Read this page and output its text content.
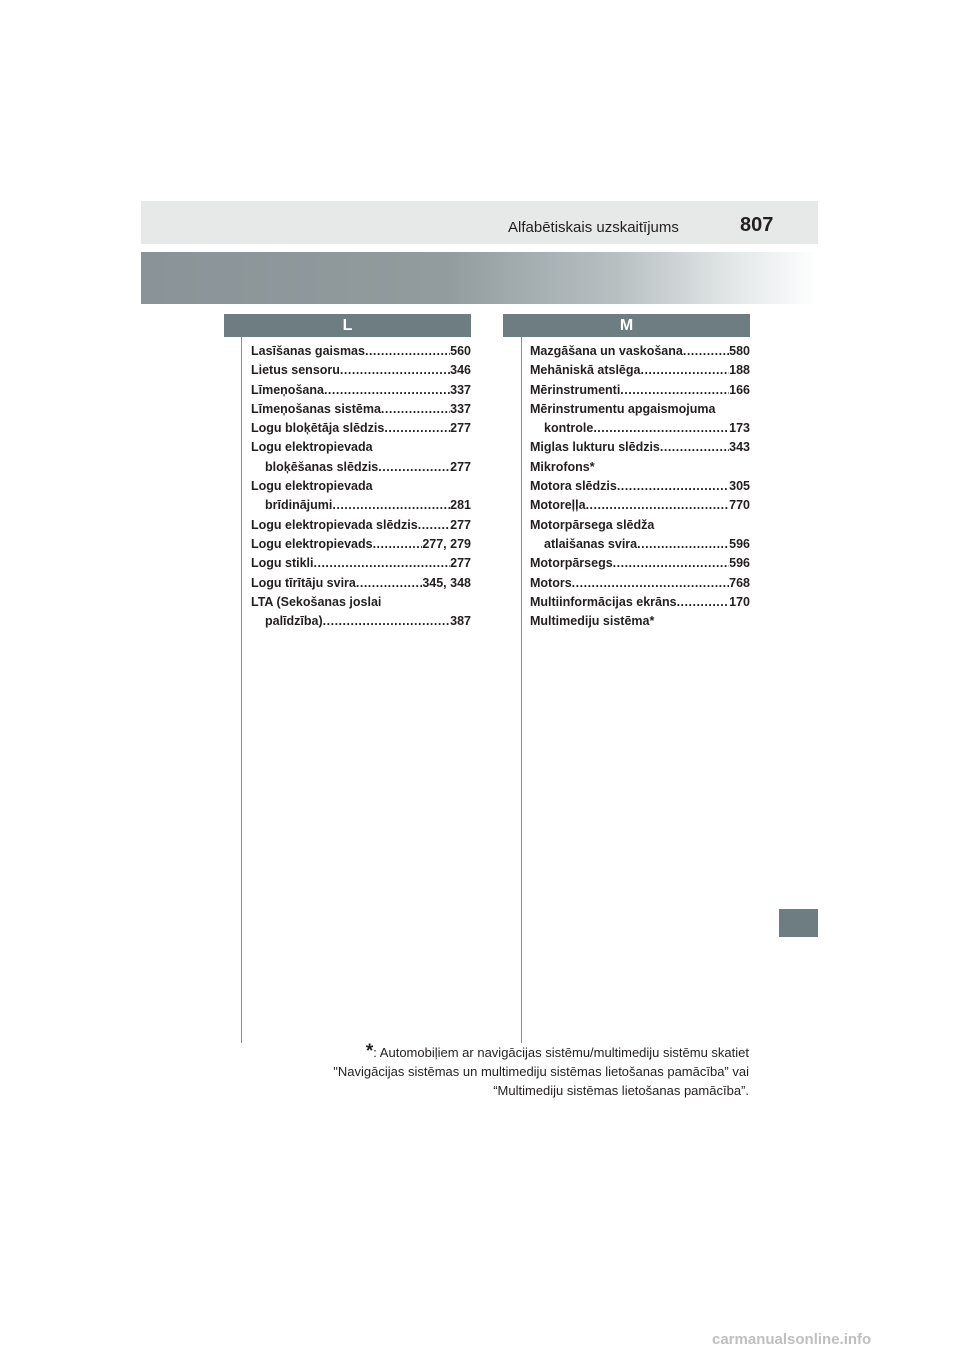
Alfabētiskais uzskaitījums	807
L	M
Lasīšanas gaismas .....	560
Lietus sensoru .....	346
Līmeņošana .....	337
Līmeņošanas sistēma .....	337
Logu bloķētāja slēdzis .....	277
Logu elektropievada
bloķēšanas slēdzis .....	277
Logu elektropievada
brīdinājumi .....	281
Logu elektropievada slēdzis .....	277
Logu elektropievads .....	277, 279
Logu stikli .....	277
Logu tīrītāju svira .....	345, 348
LTA (Sekošanas joslai
palīdzība) .....	387
Mazgāšana un vaskošana .....	580
Mehāniskā atslēga .....	188
Mērinstrumenti .....	166
Mērinstrumentu apgaismojuma
kontrole .....	173
Miglas lukturu slēdzis .....	343
Mikrofons*
Motora slēdzis .....	305
Motoreļļa .....	770
Motorpārsega slēdža
atlaišanas svira .....	596
Motorpārsegs .....	596
Motors .....	768
Multiinformācijas ekrāns .....	170
Multimediju sistēma*
*: Automobiļiem ar navigācijas sistēmu/multimediju sistēmu skatiet
"Navigācijas sistēmas un multimediju sistēmas lietošanas pamācība” vai
“Multimediju sistēmas lietošanas pamācība”.
carmanualsonline.info
